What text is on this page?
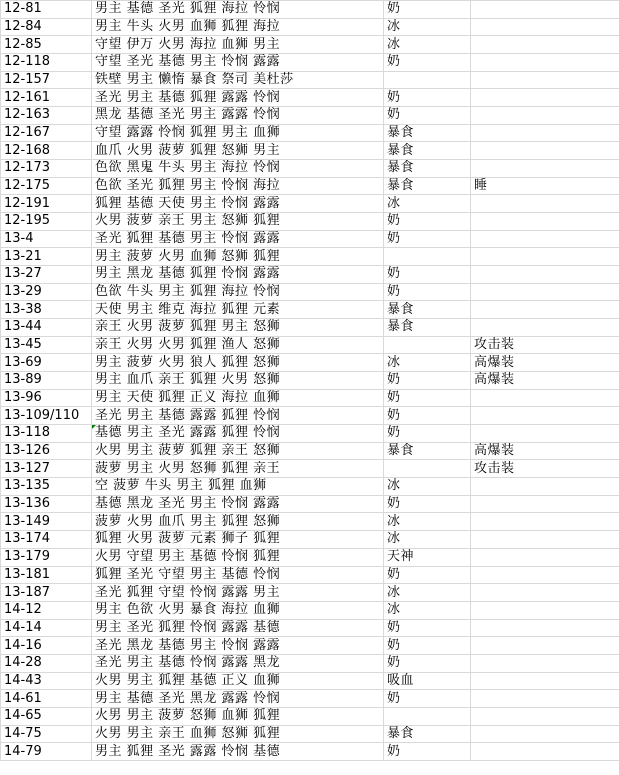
12-81	男主 基德 圣光 狐狸 海拉 怜悯	奶	
12-84	男主 牛头 火男 血狮 狐狸 海拉	冰	
12-85	守望 伊万 火男 海拉 血狮 男主	冰	
12-118	守望 圣光 基德 男主 怜悯 露露	奶	
12-157	铁壁 男主 懒惰 暴食 祭司 美杜莎		
12-161	圣光 男主 基德 狐狸 露露 怜悯	奶	
12-163	黑龙 基德 圣光 男主 露露 怜悯	奶	
12-167	守望 露露 怜悯 狐狸 男主 血狮	暴食	
12-168	血爪 火男 菠萝 狐狸 怒狮 男主	暴食	
12-173	色欲 黑鬼 牛头 男主 海拉 怜悯	暴食	
12-175	色欲 圣光 狐狸 男主 怜悯 海拉	暴食	睡
12-191	狐狸 基德 天使 男主 怜悯 露露	冰	
12-195	火男 菠萝 亲王 男主 怒狮 狐狸	奶	
13-4	圣光 狐狸 基德 男主 怜悯 露露	奶	
13-21	男主 菠萝 火男 血狮 怒狮 狐狸		
13-27	男主 黑龙 基德 狐狸 怜悯 露露	奶	
13-29	色欲 牛头 男主 狐狸 海拉 怜悯	奶	
13-38	天使 男主 维克 海拉 狐狸 元素	暴食	
13-44	亲王 火男 菠萝 狐狸 男主 怒狮	暴食	
13-45	亲王 火男 火男 狐狸 渔人 怒狮		攻击装
13-69	男主 菠萝 火男 狼人 狐狸 怒狮	冰	高爆装
13-89	男主 血爪 亲王 狐狸 火男 怒狮	奶	高爆装
13-96	男主 天使 狐狸 正义 海拉 血狮	奶	
13-109/110	圣光 男主 基德 露露 狐狸 怜悯	奶	
13-118	基德 男主 圣光 露露 狐狸 怜悯	奶	
13-126	火男 男主 菠萝 狐狸 亲王 怒狮	暴食	高爆装
13-127	菠萝 男主 火男 怒狮 狐狸 亲王		攻击装
13-135	空 菠萝 牛头 男主 狐狸 血狮	冰	
13-136	基德 黑龙 圣光 男主 怜悯 露露	奶	
13-149	菠萝 火男 血爪 男主 狐狸 怒狮	冰	
13-174	狐狸 火男 菠萝 元素 狮子 狐狸	冰	
13-179	火男 守望 男主 基德 怜悯 狐狸	天神	
13-181	狐狸 圣光 守望 男主 基德 怜悯	奶	
13-187	圣光 狐狸 守望 怜悯 露露 男主	冰	
14-12	男主 色欲 火男 暴食 海拉 血狮	冰	
14-14	男主 圣光 狐狸 怜悯 露露 基德	奶	
14-16	圣光 黑龙 基德 男主 怜悯 露露	奶	
14-28	圣光 男主 基德 怜悯 露露 黑龙	奶	
14-43	火男 男主 狐狸 基德 正义 血狮	吸血	
14-61	男主 基德 圣光 黑龙 露露 怜悯	奶	
14-65	火男 男主 菠萝 怒狮 血狮 狐狸		
14-75	火男 男主 亲王 血狮 怒狮 狐狸	暴食	
14-79	男主 狐狸 圣光 露露 怜悯 基德	奶	
